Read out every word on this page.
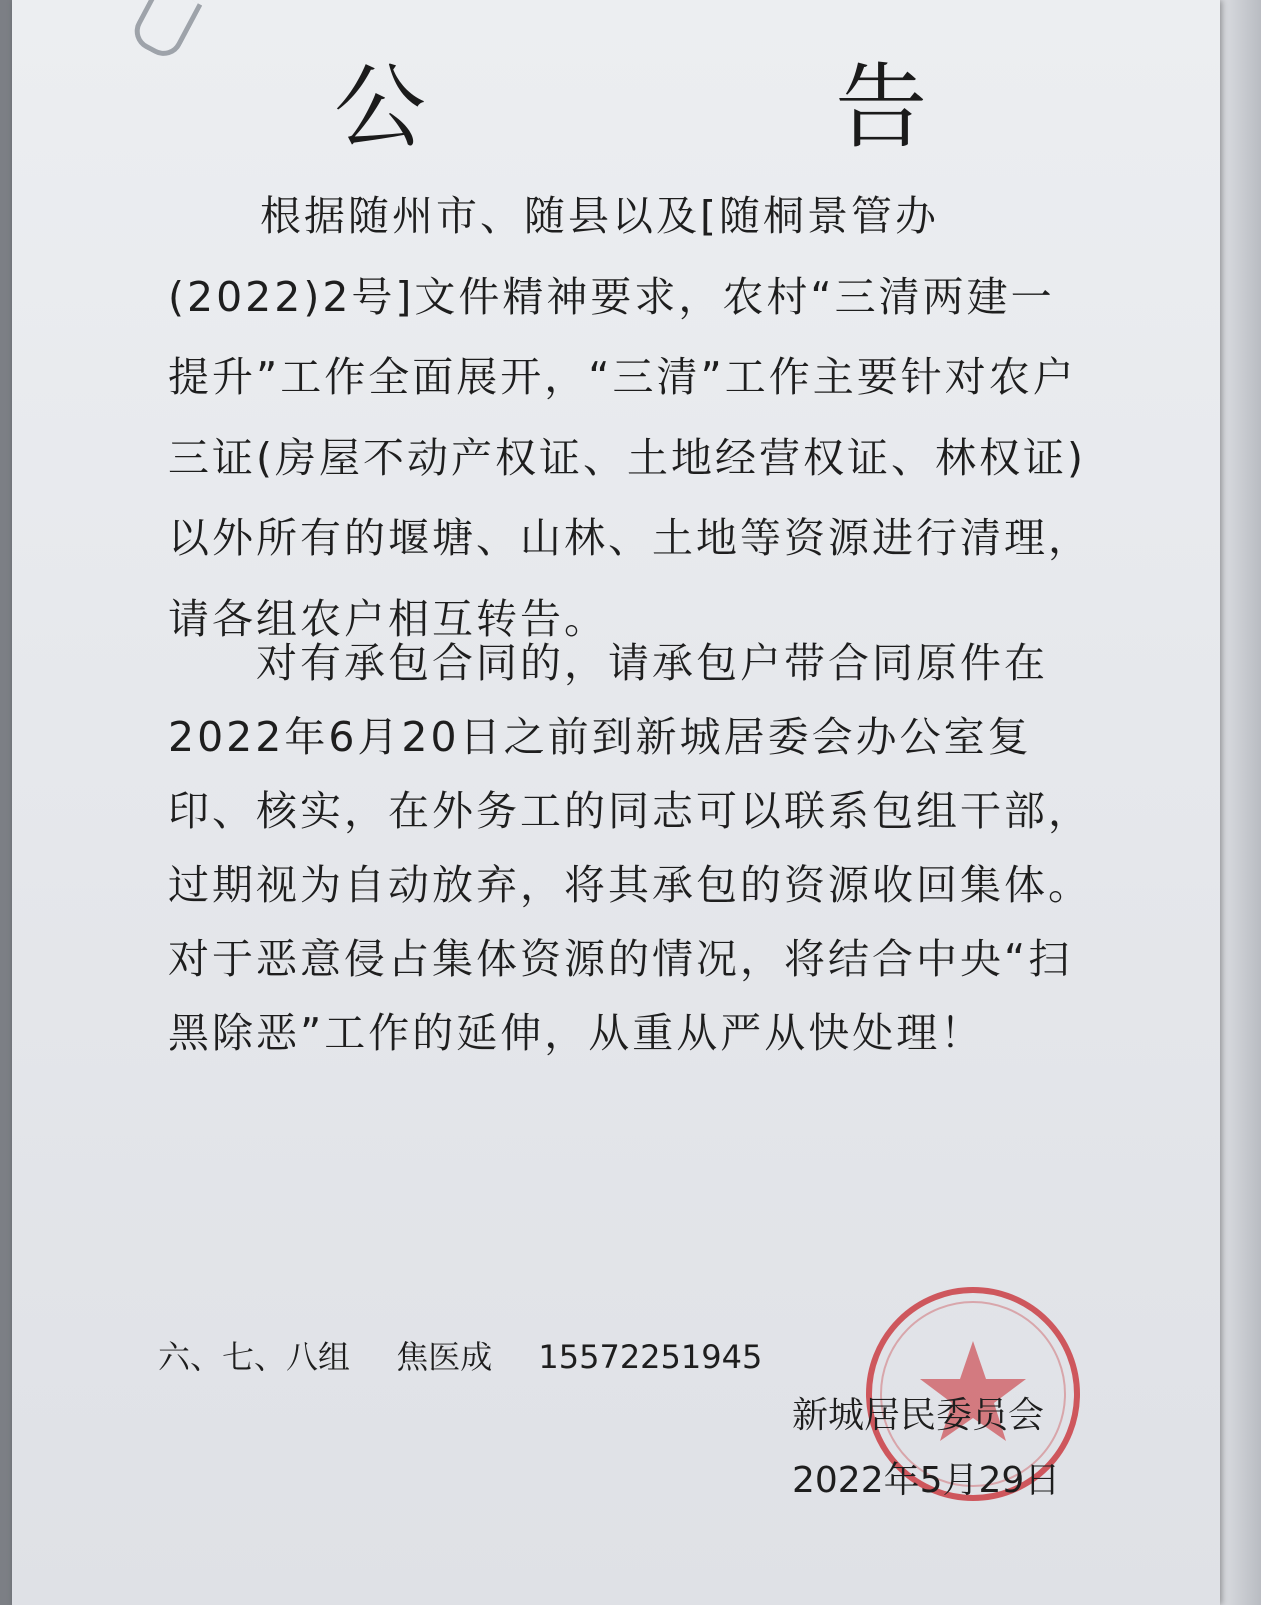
公 告
根据随州市、随县以及[随桐景管办(2022)2号]文件精神要求，农村“三清两建一提升”工作全面展开，“三清”工作主要针对农户三证(房屋不动产权证、土地经营权证、林权证)以外所有的堰塘、山林、土地等资源进行清理，请各组农户相互转告。
对有承包合同的，请承包户带合同原件在2022年6月20日之前到新城居委会办公室复印、核实，在外务工的同志可以联系包组干部，过期视为自动放弃，将其承包的资源收回集体。对于恶意侵占集体资源的情况，将结合中央“扫黑除恶”工作的延伸，从重从严从快处理！
六、七、八组 焦医成 15572251945
新城居民委员会
2022年5月29日
